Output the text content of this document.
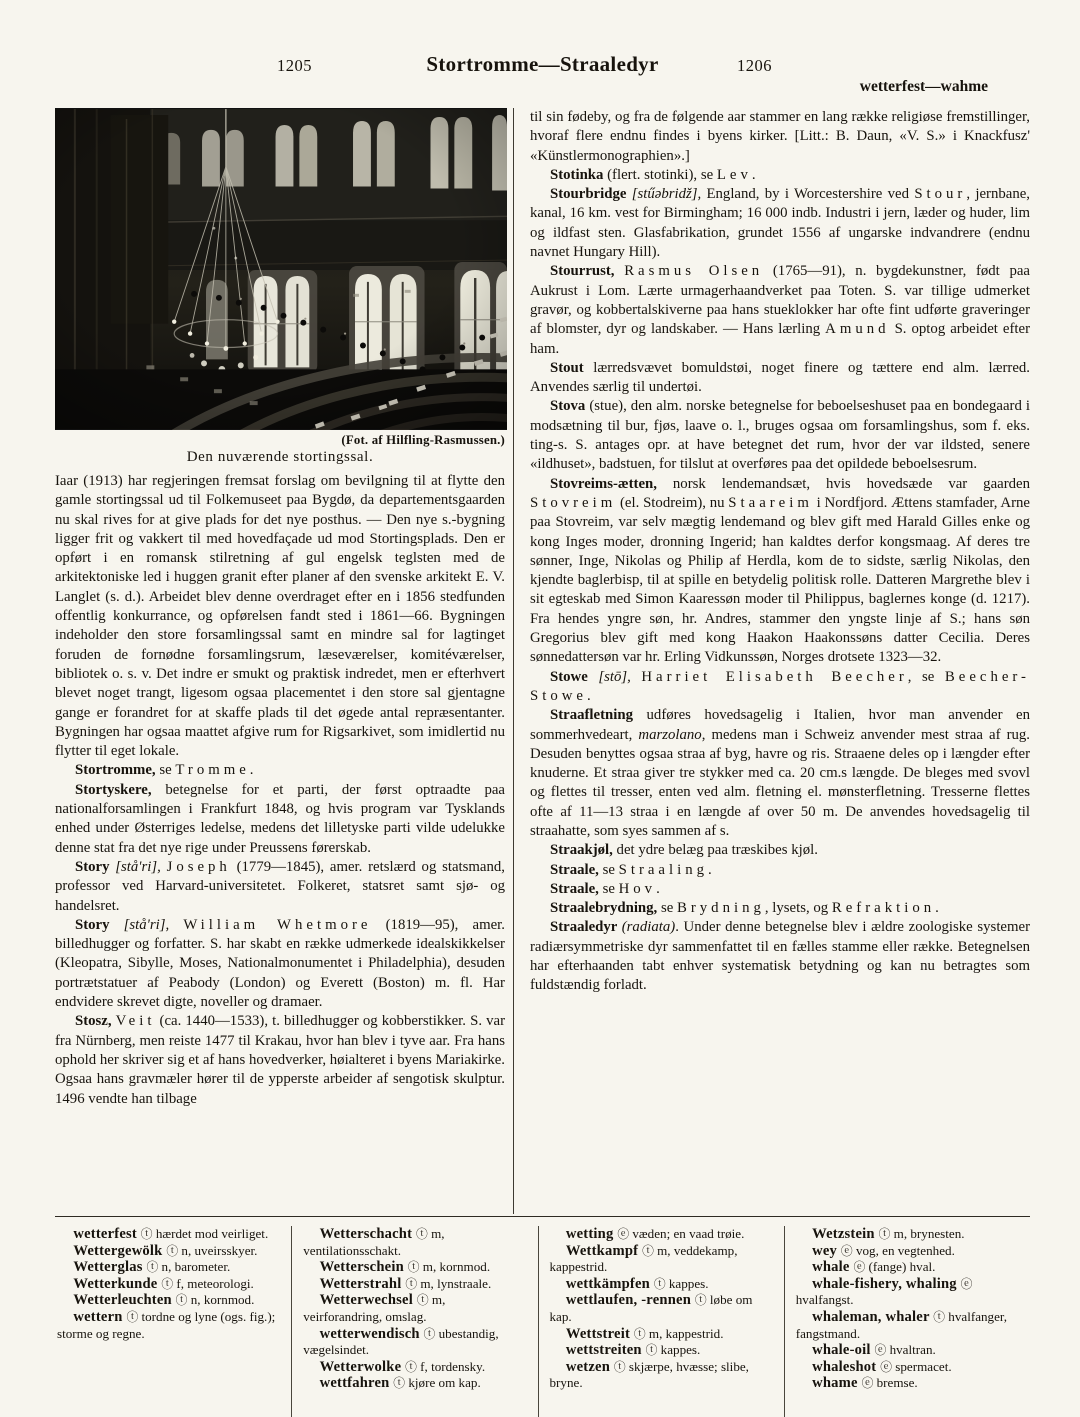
1205	Stortromme—Straaledyr	1206
wetterfest—wahme
(Fot. af Hilfling-Rasmussen.)
Den nuværende stortingssal.

Iaar (1913) har regjeringen fremsat forslag om bevilgning til at flytte den gamle stortingssal ud til Folkemuseet paa Bygdø, da departementsgaarden nu skal rives for at give plads for det nye posthus. — Den nye s.-bygning ligger frit og vakkert til med hovedfaçade ud mod Stortingsplads. Den er opført i en romansk stilretning af gul engelsk teglsten med de arkitektoniske led i huggen granit efter planer af den svenske arkitekt E. V. Langlet (s. d.). Arbeidet blev denne overdraget efter en i 1856 stedfunden offentlig konkurrance, og opførelsen fandt sted i 1861—66. Bygningen indeholder den store forsamlingssal samt en mindre sal for lagtinget foruden de fornødne forsamlingsrum, læseværelser, komitéværelser, bibliotek o. s. v. Det indre er smukt og praktisk indredet, men er efterhvert blevet noget trangt, ligesom ogsaa placementet i den store sal gjentagne gange er forandret for at skaffe plads til det øgede antal repræsentanter. Bygningen har ogsaa maattet afgive rum for Rigsarkivet, som imidlertid nu flytter til eget lokale.

Stortromme, se Tromme.

Stortyskere, betegnelse for et parti, der først optraadte paa nationalforsamlingen i Frankfurt 1848, og hvis program var Tysklands enhed under Østerriges ledelse, medens det lilletyske parti vilde udelukke denne stat fra det nye rige under Preussens førerskab.

Story [stå'ri], Joseph (1779—1845), amer. retslærd og statsmand, professor ved Harvard-universitetet. Folkeret, statsret samt sjø- og handelsret.

Story [stå'ri], William Whetmore (1819—95), amer. billedhugger og forfatter. S. har skabt en række udmerkede idealskikkelser (Kleopatra, Sibylle, Moses, Nationalmonumentet i Philadelphia), desuden portrætstatuer af Peabody (London) og Everett (Boston) m. fl. Har endvidere skrevet digte, noveller og dramaer.

Stosz, Veit (ca. 1440—1533), t. billedhugger og kobberstikker. S. var fra Nürnberg, men reiste 1477 til Krakau, hvor han blev i tyve aar. Fra hans ophold her skriver sig et af hans hovedverker, høialteret i byens Mariakirke. Ogsaa hans gravmæler hører til de ypperste arbeider af sengotisk skulptur. 1496 vendte han tilbage

til sin fødeby, og fra de følgende aar stammer en lang række religiøse fremstillinger, hvoraf flere endnu findes i byens kirker. [Litt.: B. Daun, «V. S.» i Knackfusz' «Künstlermonographien».]

Stotinka (flert. stotinki), se Lev.

Stourbridge [stűəbridž], England, by i Worcestershire ved Stour, jernbane, kanal, 16 km. vest for Birmingham; 16 000 indb. Industri i jern, læder og huder, lim og ildfast sten. Glasfabrikation, grundet 1556 af ungarske indvandrere (endnu navnet Hungary Hill).

Stourrust, Rasmus Olsen (1765—91), n. bygdekunstner, født paa Aukrust i Lom. Lærte urmagerhaandverket paa Toten. S. var tillige udmerket gravør, og kobbertalskiverne paa hans stueklokker har ofte fint udførte graveringer af blomster, dyr og landskaber. — Hans lærling Amund S. optog arbeidet efter ham.

Stout lærredsvævet bomuldstøi, noget finere og tættere end alm. lærred. Anvendes særlig til undertøi.

Stova (stue), den alm. norske betegnelse for beboelseshuset paa en bondegaard i modsætning til bur, fjøs, laave o. l., bruges ogsaa om forsamlingshus, som f. eks. ting-s. S. antages opr. at have betegnet det rum, hvor der var ildsted, senere «ildhuset», badstuen, for tilslut at overføres paa det opildede beboelsesrum.

Stovreims-ætten, norsk lendemandsæt, hvis hovedsæde var gaarden Stovreim (el. Stodreim), nu Staareim i Nordfjord. Ættens stamfader, Arne paa Stovreim, var selv mægtig lendemand og blev gift med Harald Gilles enke og kong Inges moder, dronning Ingerid; han kaldtes derfor kongsmaag. Af deres tre sønner, Inge, Nikolas og Philip af Herdla, kom de to sidste, særlig Nikolas, den kjendte baglerbisp, til at spille en betydelig politisk rolle. Datteren Margrethe blev i sit egteskab med Simon Kaaressøn moder til Philippus, baglernes konge (d. 1217). Fra hendes yngre søn, hr. Andres, stammer den yngste linje af S.; hans søn Gregorius blev gift med kong Haakon Haakonssøns datter Cecilia. Deres sønnedattersøn var hr. Erling Vidkunssøn, Norges drotsete 1323—32.

Stowe [stō], Harriet Elisabeth Beecher, se Beecher-Stowe.

Straafletning udføres hovedsagelig i Italien, hvor man anvender en sommerhvedeart, marzolano, medens man i Schweiz anvender mest straa af rug. Desuden benyttes ogsaa straa af byg, havre og ris. Straaene deles op i længder efter knuderne. Et straa giver tre stykker med ca. 20 cm.s længde. De bleges med svovl og flettes til tresser, enten ved alm. fletning el. mønsterfletning. Tresserne flettes ofte af 11—13 straa i en længde af over 50 m. De anvendes hovedsagelig til straahatte, som syes sammen af s.

Straakjøl, det ydre belæg paa træskibes kjøl.

Straale, se Straaling.

Straale, se Hov.

Straalebrydning, se Brydning, lysets, og Refraktion.

Straaledyr (radiata). Under denne betegnelse blev i ældre zoologiske systemer radiærsymmetriske dyr sammenfattet til en fælles stamme eller række. Betegnelsen har efterhaanden tabt enhver systematisk betydning og kan nu betragtes som fuldstændig forladt.

wetterfest ⓣ hærdet mod veirliget.

Wettergewölk ⓣ n, uveirsskyer.

Wetterglas ⓣ n, barometer.

Wetterkunde ⓣ f, meteorologi.

Wetterleuchten ⓣ n, kornmod.

wettern ⓣ tordne og lyne (ogs. fig.); storme og regne.

Wetterschacht ⓣ m, ventilationsschakt.

Wetterschein ⓣ m, kornmod.

Wetterstrahl ⓣ m, lynstraale.

Wetterwechsel ⓣ m, veirforandring, omslag.

wetterwendisch ⓣ ubestandig, vægelsindet.

Wetterwolke ⓣ f, tordensky.

wettfahren ⓣ kjøre om kap.

wetting ⓔ væden; en vaad trøie.

Wettkampf ⓣ m, veddekamp, kappestrid.

wettkämpfen ⓣ kappes.

wettlaufen, -rennen ⓣ løbe om kap.

Wettstreit ⓣ m, kappestrid.

wettstreiten ⓣ kappes.

wetzen ⓣ skjærpe, hvæsse; slibe, bryne.

Wetzstein ⓣ m, brynesten.

wey ⓔ vog, en vegtenhed.

whale ⓔ (fange) hval.

whale-fishery, whaling ⓔ hvalfangst.

whaleman, whaler ⓣ hvalfanger, fangstmand.

whale-oil ⓔ hvaltran.

whaleshot ⓔ spermacet.

whame ⓔ bremse.
